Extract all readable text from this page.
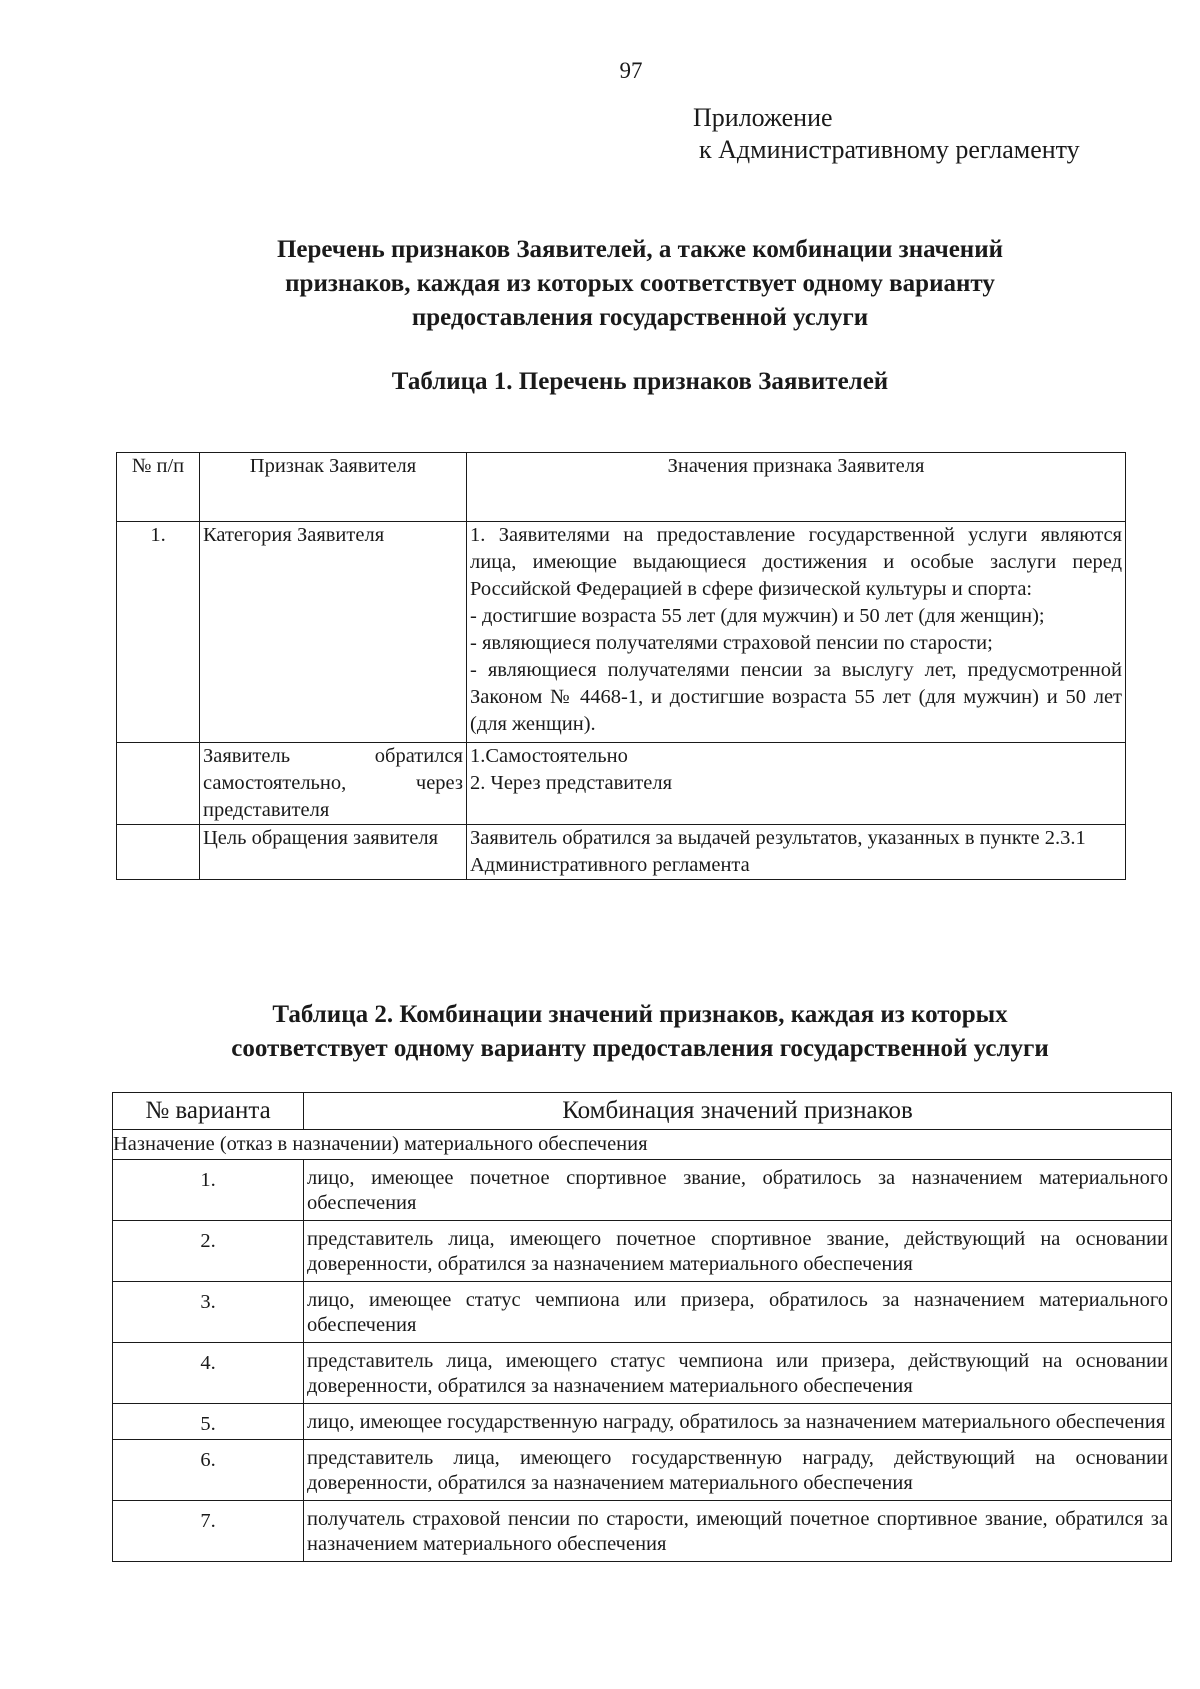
97
Приложение
к Административному регламенту
Перечень признаков Заявителей, а также комбинации значений
признаков, каждая из которых соответствует одному варианту
предоставления государственной услуги
Таблица 1. Перечень признаков Заявителей
№ п/п	Признак Заявителя	Значения признака Заявителя
1.	Категория Заявителя	1. Заявителями на предоставление государственной услуги являются лица, имеющие выдающиеся достижения и особые заслуги перед Российской Федерацией в сфере физической культуры и спорта:
- достигшие возраста 55 лет (для мужчин) и 50 лет (для женщин);
- являющиеся получателями страховой пенсии по старости;
- являющиеся получателями пенсии за выслугу лет, предусмотренной Законом № 4468-1, и достигшие возраста 55 лет (для мужчин) и 50 лет (для женщин).

	Заявитель обратился самостоятельно, через представителя	1.Самостоятельно
2. Через представителя

	Цель обращения заявителя	Заявитель обратился за выдачей результатов, указанных в пункте 2.3.1 Административного регламента
Таблица 2. Комбинации значений признаков, каждая из которых
соответствует одному варианту предоставления государственной услуги
№ варианта	Комбинация значений признаков
Назначение (отказ в назначении) материального обеспечения	
1.	лицо, имеющее почетное спортивное звание, обратилось за назначением материального обеспечения
2.	представитель лица, имеющего почетное спортивное звание, действующий на основании доверенности, обратился за назначением материального обеспечения
3.	лицо, имеющее статус чемпиона или призера, обратилось за назначением материального обеспечения
4.	представитель лица, имеющего статус чемпиона или призера, действующий на основании доверенности, обратился за назначением материального обеспечения
5.	лицо, имеющее государственную награду, обратилось за назначением материального обеспечения
6.	представитель лица, имеющего государственную награду, действующий на основании доверенности, обратился за назначением материального обеспечения
7.	получатель страховой пенсии по старости, имеющий почетное спортивное звание, обратился за назначением материального обеспечения
